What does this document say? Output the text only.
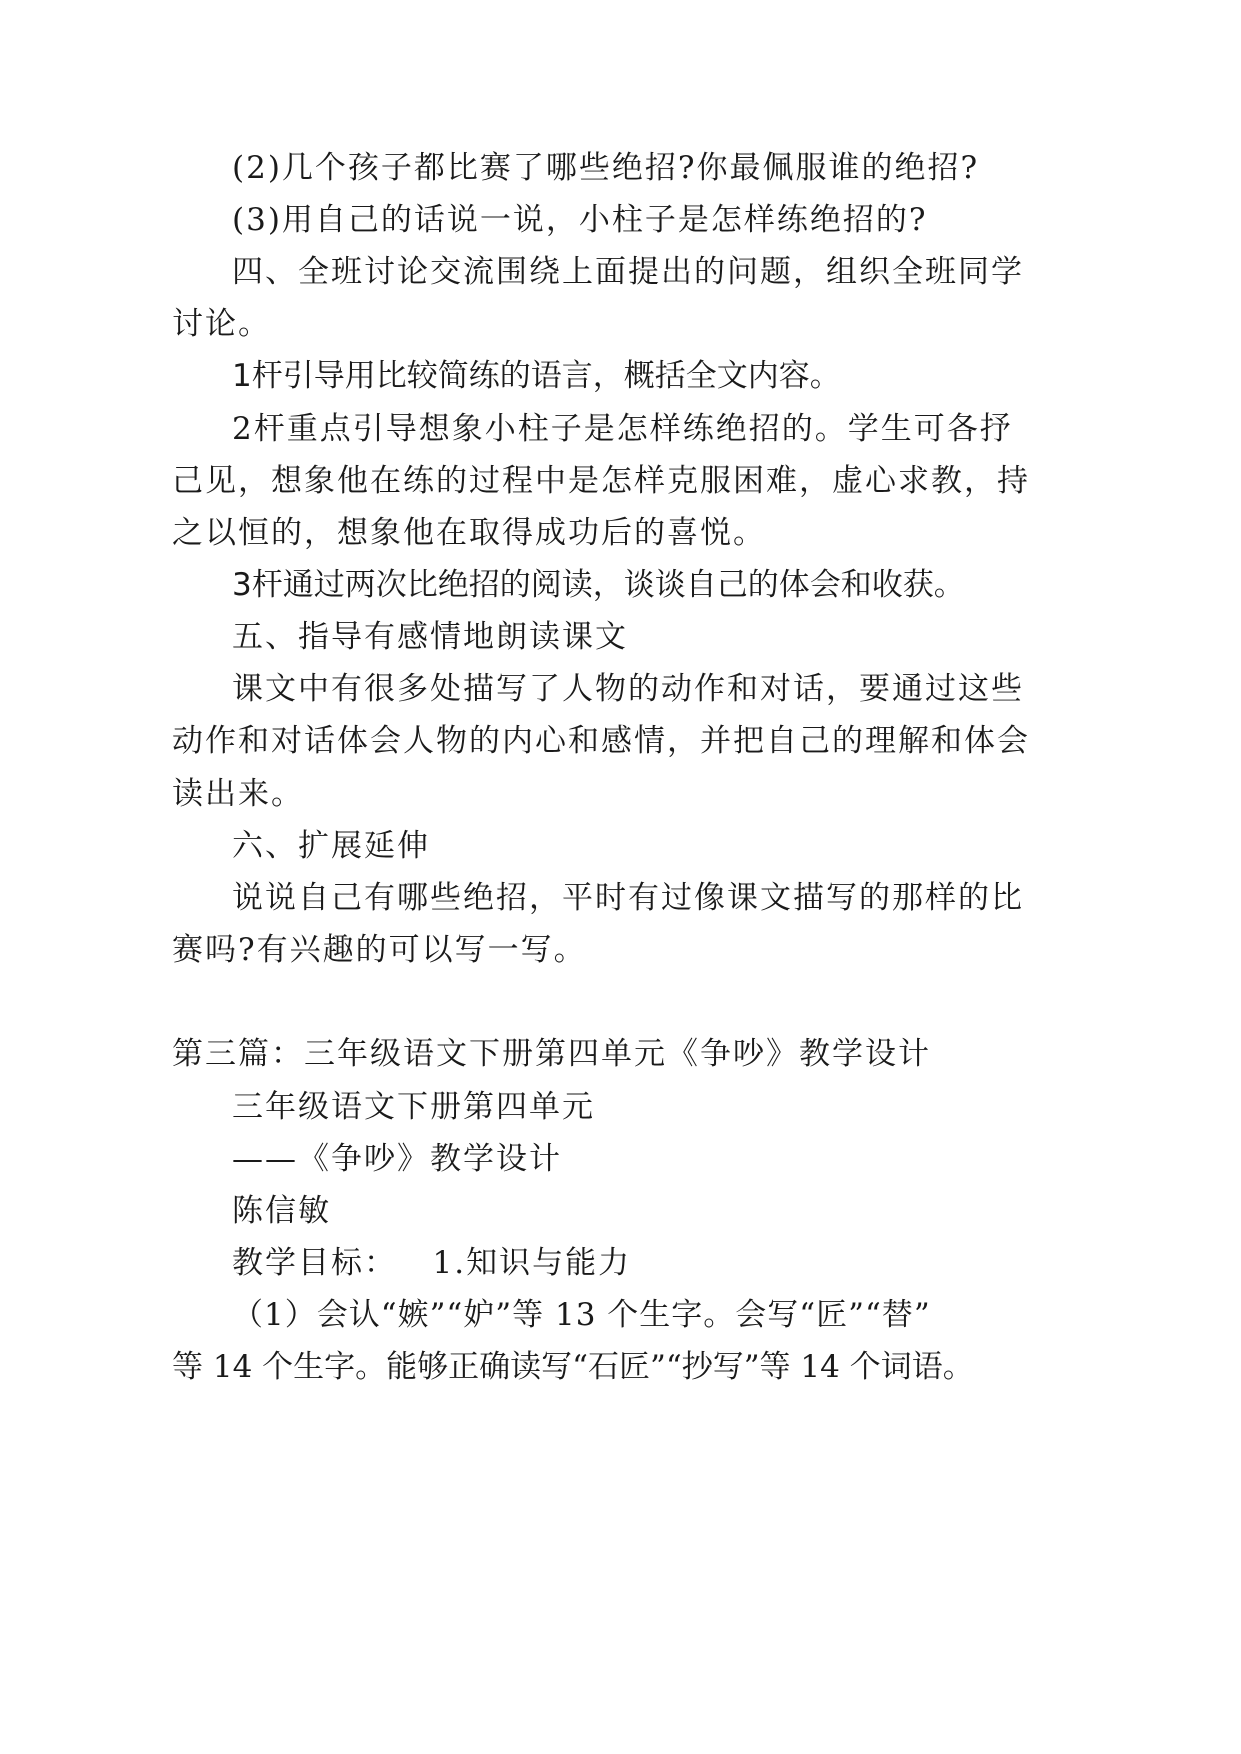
(2)几个孩子都比赛了哪些绝招?你最佩服谁的绝招?
(3)用自己的话说一说，小柱子是怎样练绝招的?
四、全班讨论交流围绕上面提出的问题，组织全班同学
讨论。
1杆引导用比较简练的语言，概括全文内容。
2杆重点引导想象小柱子是怎样练绝招的。学生可各抒
己见，想象他在练的过程中是怎样克服困难，虚心求教，持
之以恒的，想象他在取得成功后的喜悦。
3杆通过两次比绝招的阅读，谈谈自己的体会和收获。
五、指导有感情地朗读课文
课文中有很多处描写了人物的动作和对话，要通过这些
动作和对话体会人物的内心和感情，并把自己的理解和体会
读出来。
六、扩展延伸
说说自己有哪些绝招，平时有过像课文描写的那样的比
赛吗?有兴趣的可以写一写。
第三篇：三年级语文下册第四单元《争吵》教学设计
三年级语文下册第四单元
——《争吵》教学设计
陈信敏
教学目标：   1.知识与能力
（1）会认“嫉”“妒”等 13 个生字。会写“匠”“替”
等 14 个生字。能够正确读写“石匠”“抄写”等 14 个词语。
